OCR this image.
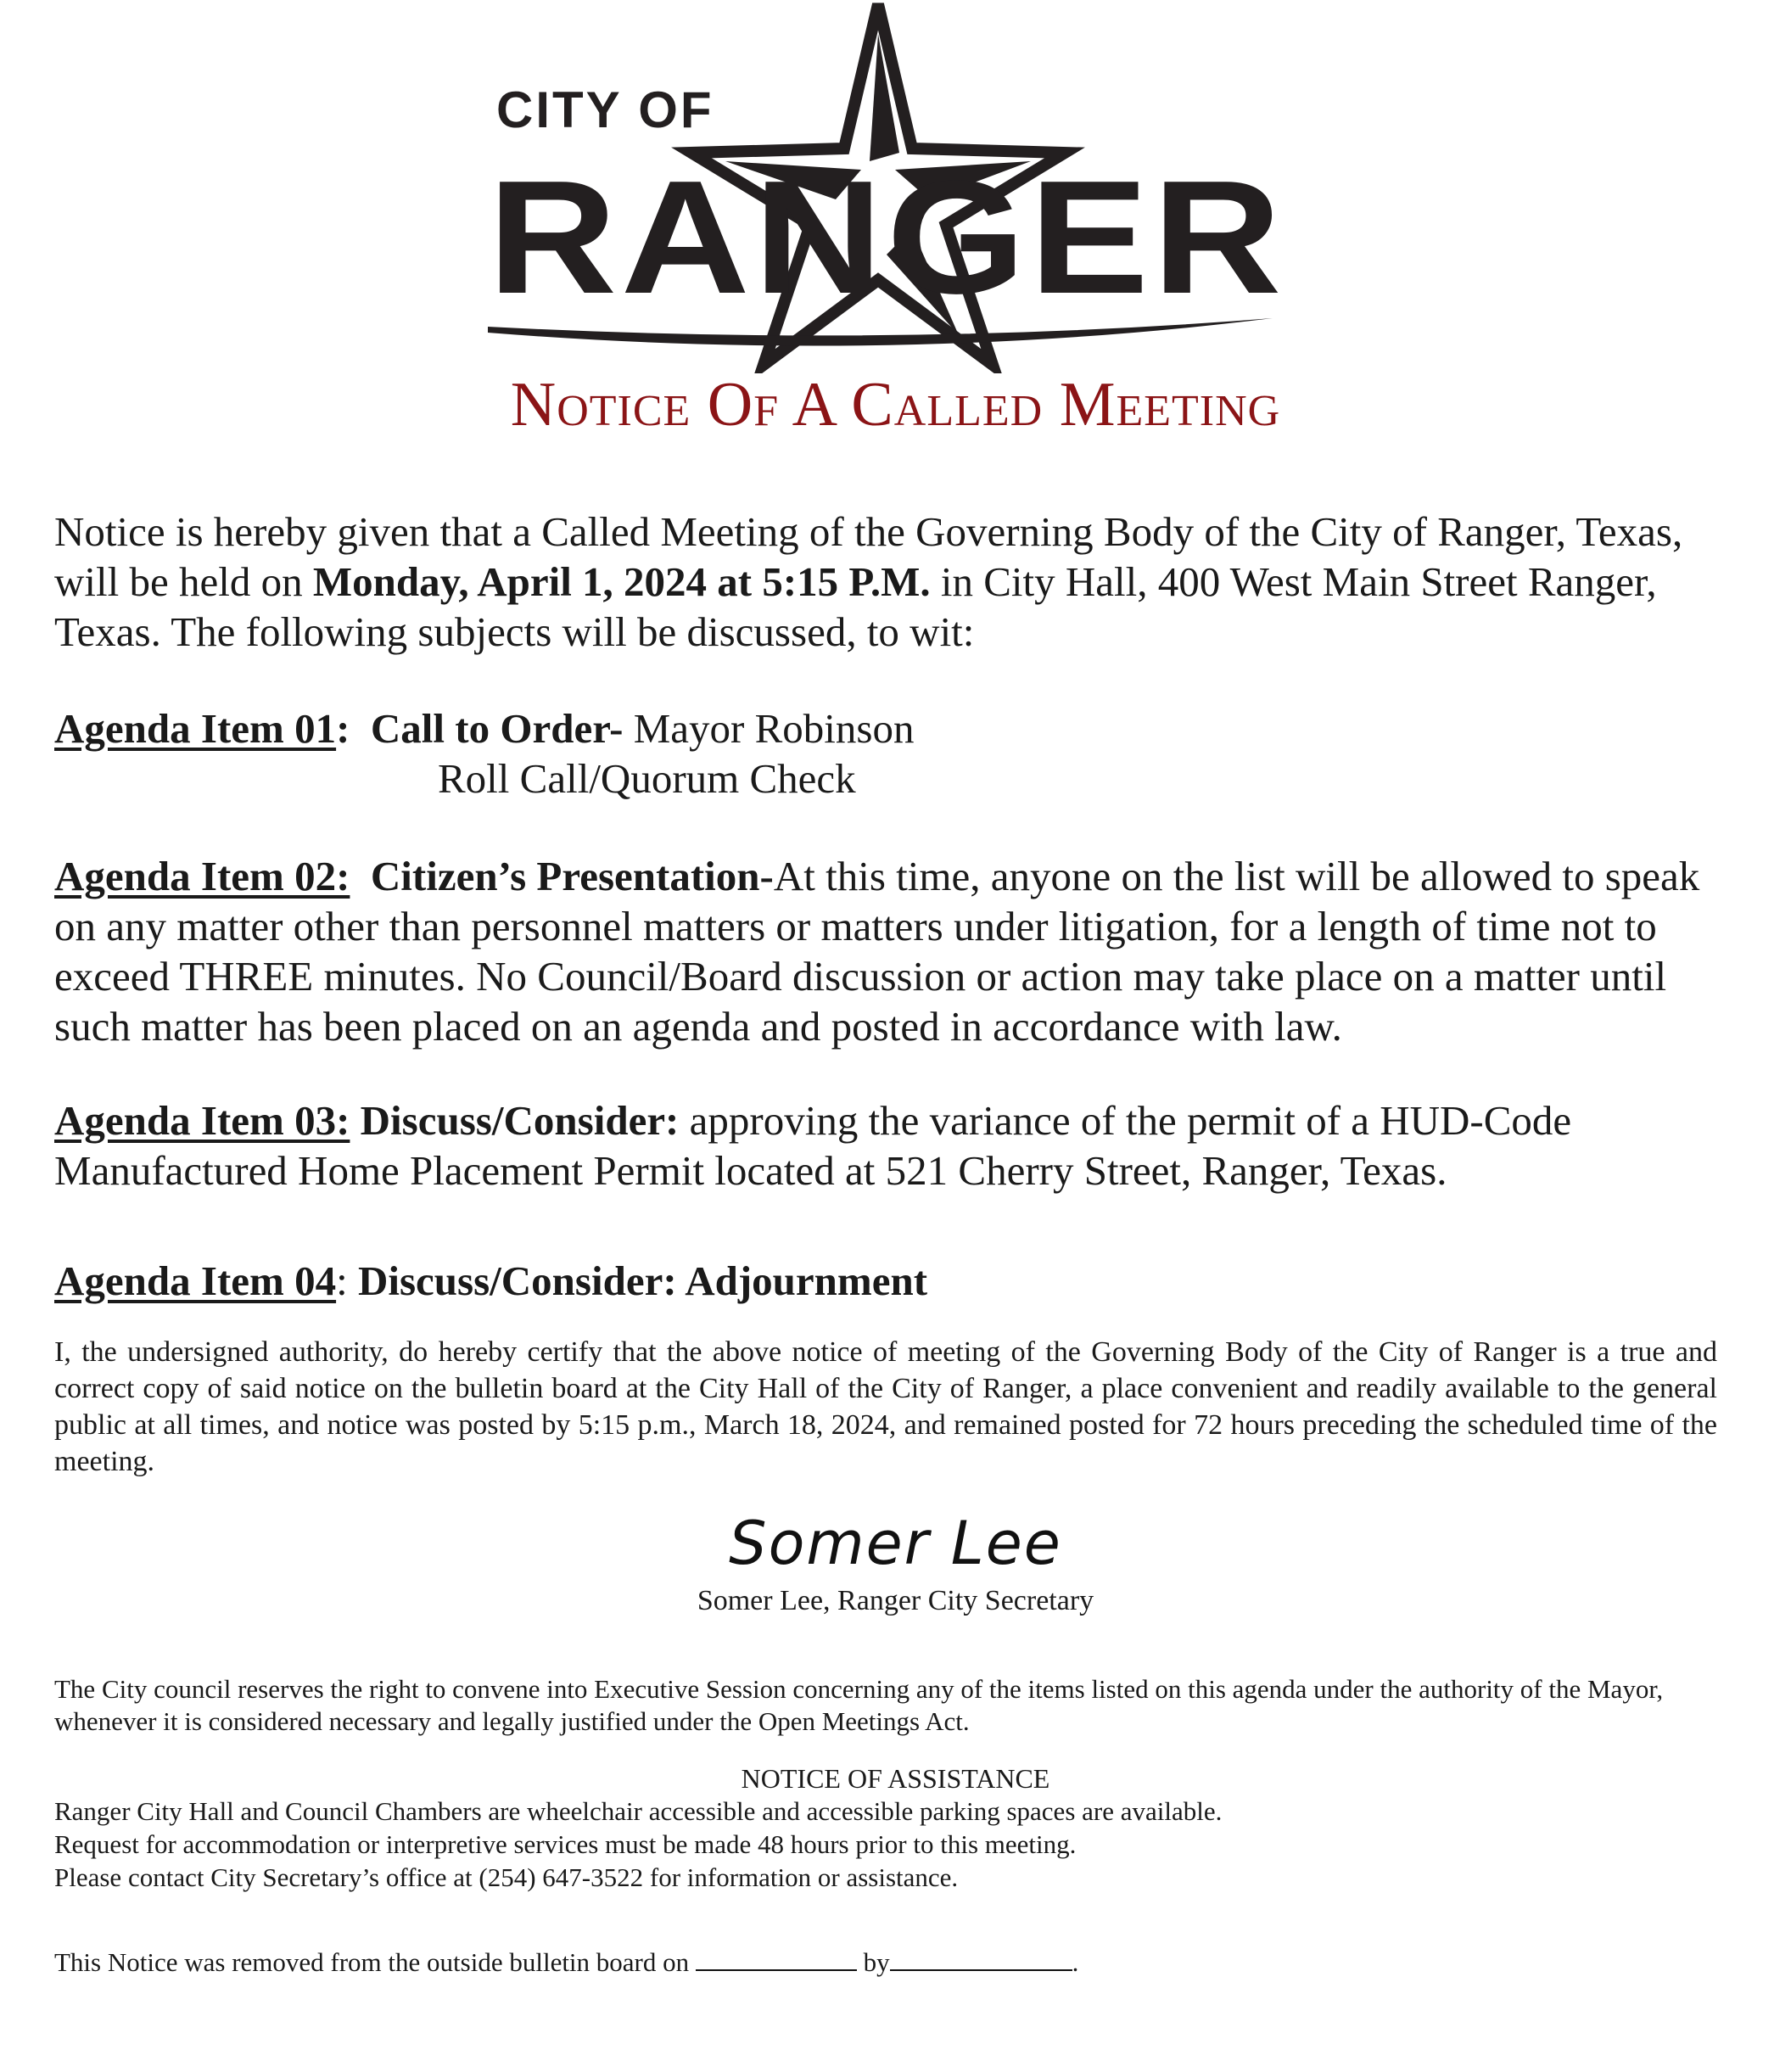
CITY OF
RANGER
Notice Of A Called Meeting
Notice is hereby given that a Called Meeting of the Governing Body of the City of Ranger, Texas, will be held on Monday, April 1, 2024 at 5:15 P.M. in City Hall, 400 West Main Street Ranger, Texas. The following subjects will be discussed, to wit:
Agenda Item 01: Call to Order- Mayor Robinson
Roll Call/Quorum Check
Agenda Item 02: Citizen’s Presentation-At this time, anyone on the list will be allowed to speak on any matter other than personnel matters or matters under litigation, for a length of time not to exceed THREE minutes. No Council/Board discussion or action may take place on a matter until such matter has been placed on an agenda and posted in accordance with law.
Agenda Item 03: Discuss/Consider: approving the variance of the permit of a HUD-Code Manufactured Home Placement Permit located at 521 Cherry Street, Ranger, Texas.
Agenda Item 04: Discuss/Consider: Adjournment
I, the undersigned authority, do hereby certify that the above notice of meeting of the Governing Body of the City of Ranger is a true and correct copy of said notice on the bulletin board at the City Hall of the City of Ranger, a place convenient and readily available to the general public at all times, and notice was posted by 5:15 p.m., March 18, 2024, and remained posted for 72 hours preceding the scheduled time of the meeting.
Somer Lee
Somer Lee, Ranger City Secretary
The City council reserves the right to convene into Executive Session concerning any of the items listed on this agenda under the authority of the Mayor, whenever it is considered necessary and legally justified under the Open Meetings Act.
NOTICE OF ASSISTANCE
Ranger City Hall and Council Chambers are wheelchair accessible and accessible parking spaces are available.
Request for accommodation or interpretive services must be made 48 hours prior to this meeting.
Please contact City Secretary’s office at (254) 647-3522 for information or assistance.
This Notice was removed from the outside bulletin board on	by	.
